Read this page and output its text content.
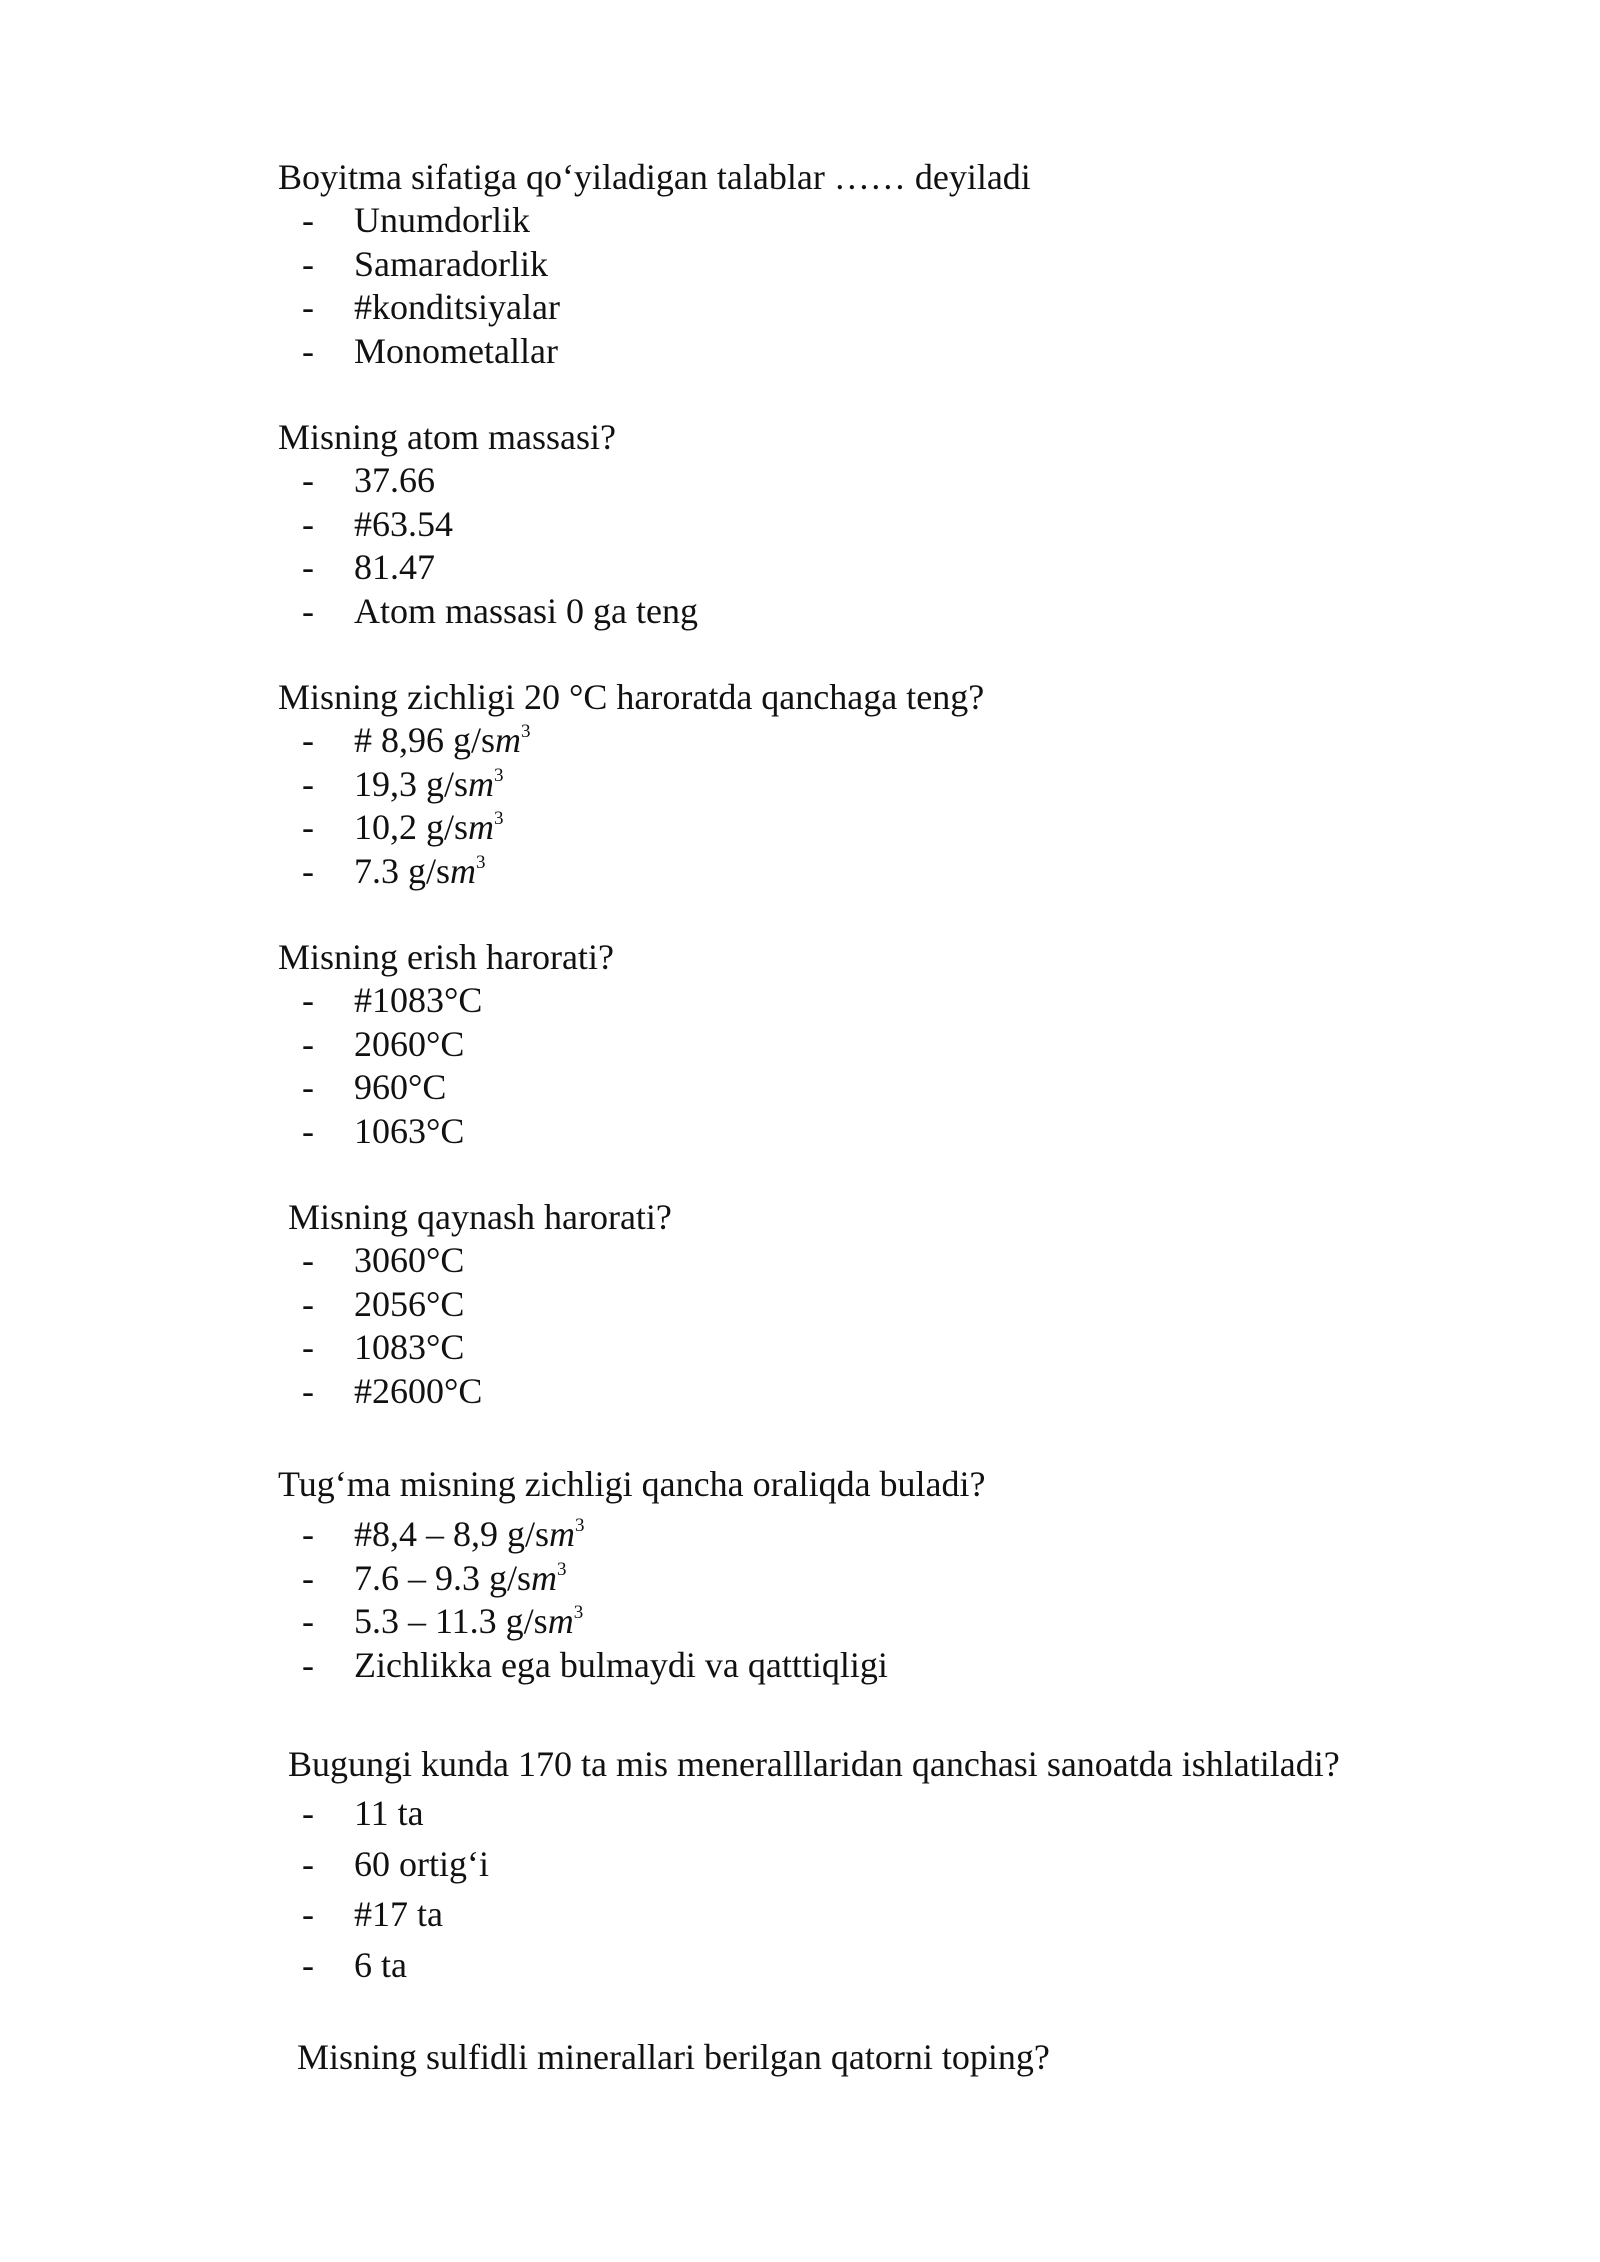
Boyitma sifatiga qo‘yiladigan talablar …… deyiladi
- Unumdorlik
- Samaradorlik
- #konditsiyalar
- Monometallar
Misning atom massasi?
- 37.66
- #63.54
- 81.47
- Atom massasi 0 ga teng
Misning zichligi 20 °C haroratda qanchaga teng?
- # 8,96 $g/sm^3$
- 19,3 $g/sm^3$
- 10,2 $g/sm^3$
- 7.3 $g/sm^3$
Misning erish harorati?
- #1083°C
- 2060°C
- 960°C
- 1063°C
Misning qaynash harorati?
- 3060°C
- 2056°C
- 1083°C
- #2600°C
Tug‘ma misning zichligi qancha oraliqda buladi?
- #8,4 – 8,9 $g/sm^3$
- 7.6 – 9.3 $g/sm^3$
- 5.3 – 11.3 $g/sm^3$
- Zichlikka ega bulmaydi va qatttiqligi
Bugungi kunda 170 ta mis meneralllaridan qanchasi sanoatda ishlatiladi?
- 11 ta
- 60 ortig‘i
- #17 ta
- 6 ta
Misning sulfidli minerallari berilgan qatorni toping?
